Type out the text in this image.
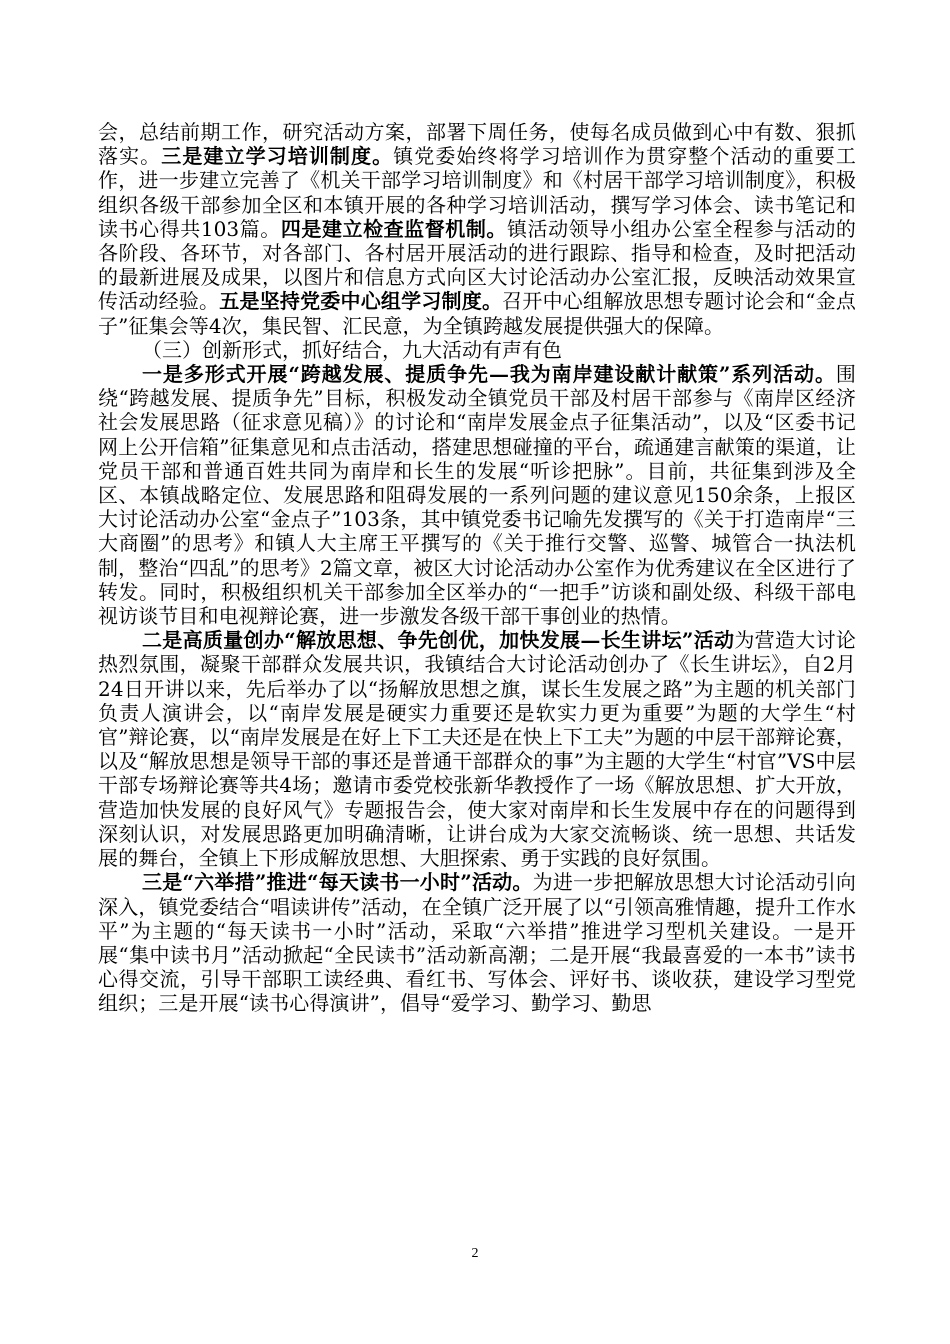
会，总结前期工作，研究活动方案，部署下周任务，使每名成员做到心中有数、狠抓落实。三是建立学习培训制度。镇党委始终将学习培训作为贯穿整个活动的重要工作，进一步建立完善了《机关干部学习培训制度》和《村居干部学习培训制度》，积极组织各级干部参加全区和本镇开展的各种学习培训活动，撰写学习体会、读书笔记和读书心得共103篇。四是建立检查监督机制。镇活动领导小组办公室全程参与活动的各阶段、各环节，对各部门、各村居开展活动的进行跟踪、指导和检查，及时把活动的最新进展及成果，以图片和信息方式向区大讨论活动办公室汇报，反映活动效果宣传活动经验。五是坚持党委中心组学习制度。召开中心组解放思想专题讨论会和“金点子”征集会等4次，集民智、汇民意，为全镇跨越发展提供强大的保障。

（三）创新形式，抓好结合，九大活动有声有色

一是多形式开展“跨越发展、提质争先—我为南岸建设献计献策”系列活动。围绕“跨越发展、提质争先”目标，积极发动全镇党员干部及村居干部参与《南岸区经济社会发展思路（征求意见稿）》的讨论和“南岸发展金点子征集活动”，以及“区委书记网上公开信箱”征集意见和点击活动，搭建思想碰撞的平台，疏通建言献策的渠道，让党员干部和普通百姓共同为南岸和长生的发展“听诊把脉”。目前，共征集到涉及全区、本镇战略定位、发展思路和阻碍发展的一系列问题的建议意见150余条，上报区大讨论活动办公室“金点子”103条，其中镇党委书记喻先发撰写的《关于打造南岸“三大商圈”的思考》和镇人大主席王平撰写的《关于推行交警、巡警、城管合一执法机制，整治“四乱”的思考》2篇文章，被区大讨论活动办公室作为优秀建议在全区进行了转发。同时，积极组织机关干部参加全区举办的“一把手”访谈和副处级、科级干部电视访谈节目和电视辩论赛，进一步激发各级干部干事创业的热情。

二是高质量创办“解放思想、争先创优，加快发展—长生讲坛”活动为营造大讨论热烈氛围，凝聚干部群众发展共识，我镇结合大讨论活动创办了《长生讲坛》，自2月24日开讲以来，先后举办了以“扬解放思想之旗，谋长生发展之路”为主题的机关部门负责人演讲会，以“南岸发展是硬实力重要还是软实力更为重要”为题的大学生“村官”辩论赛，以“南岸发展是在好上下工夫还是在快上下工夫”为题的中层干部辩论赛，以及“解放思想是领导干部的事还是普通干部群众的事”为主题的大学生“村官”VS中层干部专场辩论赛等共4场；邀请市委党校张新华教授作了一场《解放思想、扩大开放，营造加快发展的良好风气》专题报告会，使大家对南岸和长生发展中存在的问题得到深刻认识，对发展思路更加明确清晰，让讲台成为大家交流畅谈、统一思想、共话发展的舞台，全镇上下形成解放思想、大胆探索、勇于实践的良好氛围。

三是“六举措”推进“每天读书一小时”活动。为进一步把解放思想大讨论活动引向深入，镇党委结合“唱读讲传”活动，在全镇广泛开展了以“引领高雅情趣，提升工作水平”为主题的“每天读书一小时”活动，采取“六举措”推进学习型机关建设。一是开展“集中读书月”活动掀起“全民读书”活动新高潮；二是开展“我最喜爱的一本书”读书心得交流，引导干部职工读经典、看红书、写体会、评好书、谈收获，建设学习型党组织；三是开展“读书心得演讲”，倡导“爱学习、勤学习、勤思

2
